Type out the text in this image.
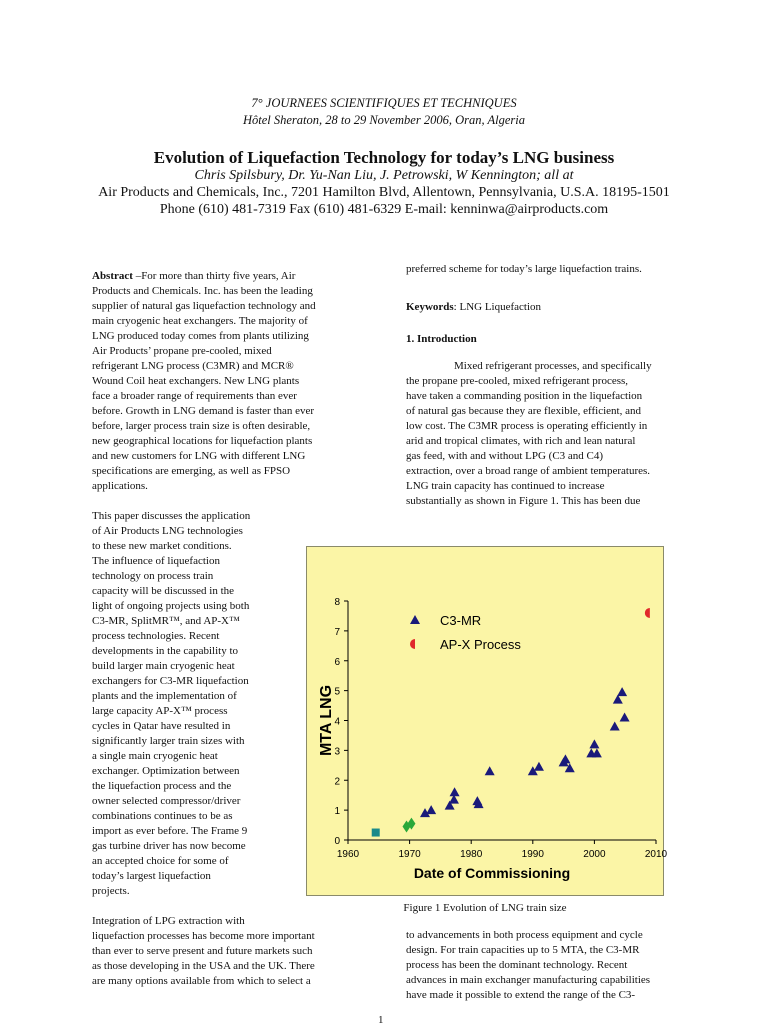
7° JOURNEES SCIENTIFIQUES ET TECHNIQUES
Hôtel Sheraton, 28 to 29 November 2006, Oran, Algeria
Evolution of Liquefaction Technology for today’s LNG business
Chris Spilsbury, Dr. Yu-Nan Liu, J. Petrowski, W Kennington; all at
Air Products and Chemicals, Inc., 7201 Hamilton Blvd, Allentown, Pennsylvania, U.S.A. 18195-1501
Phone (610) 481-7319 Fax (610) 481-6329 E-mail: kenninwa@airproducts.com
Abstract –For more than thirty five years, Air
Products and Chemicals. Inc. has been the leading
supplier of natural gas liquefaction technology and
main cryogenic heat exchangers. The majority of
LNG produced today comes from plants utilizing
Air Products’ propane pre-cooled, mixed
refrigerant LNG process (C3MR) and MCR®
Wound Coil heat exchangers. New LNG plants
face a broader range of requirements than ever
before. Growth in LNG demand is faster than ever
before, larger process train size is often desirable,
new geographical locations for liquefaction plants
and new customers for LNG with different LNG
specifications are emerging, as well as FPSO
applications.
This paper discusses the application
of Air Products LNG technologies
to these new market conditions.
The influence of liquefaction
technology on process train
capacity will be discussed in the
light of ongoing projects using both
C3-MR, SplitMR™, and AP-X™
process technologies. Recent
developments in the capability to
build larger main cryogenic heat
exchangers for C3-MR liquefaction
plants and the implementation of
large capacity AP-X™ process
cycles in Qatar have resulted in
significantly larger train sizes with
a single main cryogenic heat
exchanger. Optimization between
the liquefaction process and the
owner selected compressor/driver
combinations continues to be as
import as ever before. The Frame 9
gas turbine driver has now become
an accepted choice for some of
today’s largest liquefaction
projects.
Integration of LPG extraction with
liquefaction processes has become more important
than ever to serve present and future markets such
as those developing in the USA and the UK. There
are many options available from which to select a
preferred scheme for today’s large liquefaction trains.
Keywords: LNG Liquefaction
1. Introduction
Mixed refrigerant processes, and specifically
the propane pre-cooled, mixed refrigerant process,
have taken a commanding position in the liquefaction
of natural gas because they are flexible, efficient, and
low cost. The C3MR process is operating efficiently in
arid and tropical climates, with rich and lean natural
gas feed, with and without LPG (C3 and C4)
extraction, over a broad range of ambient temperatures.
LNG train capacity has continued to increase
substantially as shown in Figure 1. This has been due
0
1
2
3
4
5
6
7
8
1960	1970	1980	1990	2000	2010
MTA LNG
Date of Commissioning
C3-MR
AP-X Process
Figure 1 Evolution of LNG train size
to advancements in both process equipment and cycle
design. For train capacities up to 5 MTA, the C3-MR
process has been the dominant technology. Recent
advances in main exchanger manufacturing capabilities
have made it possible to extend the range of the C3-
1
